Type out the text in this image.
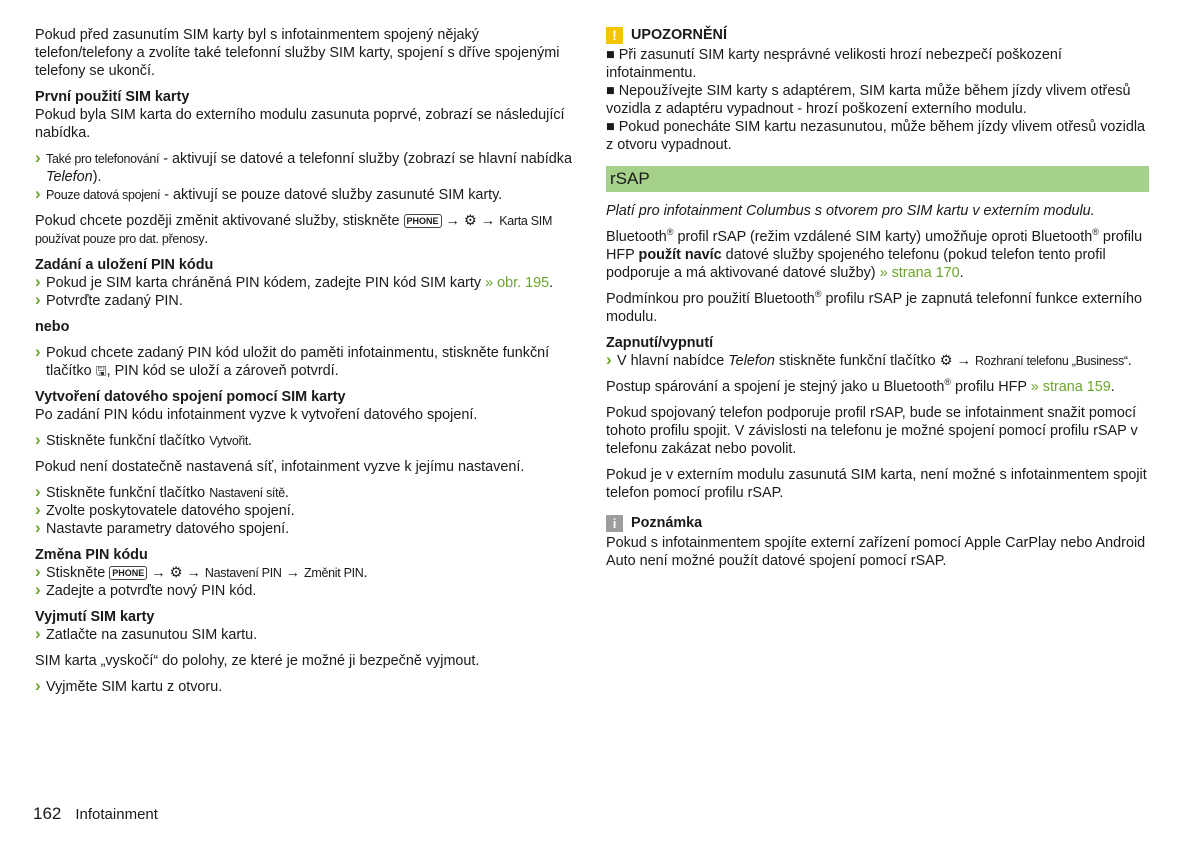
Pokud před zasunutím SIM karty byl s infotainmentem spojený nějaký telefon/telefony a zvolíte také telefonní služby SIM karty, spojení s dříve spojenými telefony se ukončí.

První použití SIM karty

Pokud byla SIM karta do externího modulu zasunuta poprvé, zobrazí se následující nabídka.

› Také pro telefonování - aktivují se datové a telefonní služby (zobrazí se hlavní nabídka Telefon).

› Pouze datová spojení - aktivují se pouze datové služby zasunuté SIM karty.

Pokud chcete později změnit aktivované služby, stiskněte PHONE → ⚙ → Karta SIM používat pouze pro dat. přenosy.

Zadání a uložení PIN kódu
› Pokud je SIM karta chráněná PIN kódem, zadejte PIN kód SIM karty » obr. 195.

› Potvrďte zadaný PIN.

nebo

› Pokud chcete zadaný PIN kód uložit do paměti infotainmentu, stiskněte funkční tlačítko 🖫, PIN kód se uloží a zároveň potvrdí.

Vytvoření datového spojení pomocí SIM karty

Po zadání PIN kódu infotainment vyzve k vytvoření datového spojení.

› Stiskněte funkční tlačítko Vytvořit.

Pokud není dostatečně nastavená síť, infotainment vyzve k jejímu nastavení.

› Stiskněte funkční tlačítko Nastavení sítě.
› Zvolte poskytovatele datového spojení.

› Nastavte parametry datového spojení.

Změna PIN kódu
› Stiskněte PHONE → ⚙ → Nastavení PIN → Změnit PIN.

› Zadejte a potvrďte nový PIN kód.

Vyjmutí SIM karty

› Zatlačte na zasunutou SIM kartu.

SIM karta „vyskočí“ do polohy, ze které je možné ji bezpečně vyjmout.

› Vyjměte SIM kartu z otvoru.

! UPOZORNĚNÍ
■ Při zasunutí SIM karty nesprávné velikosti hrozí nebezpečí poškození infotainmentu.
■ Nepoužívejte SIM karty s adaptérem, SIM karta může během jízdy vlivem otřesů vozidla z adaptéru vypadnout - hrozí poškození externího modulu.
■ Pokud ponecháte SIM kartu nezasunutou, může během jízdy vlivem otřesů vozidla z otvoru vypadnout.
rSAP

Platí pro infotainment Columbus s otvorem pro SIM kartu v externím modulu.

Bluetooth® profil rSAP (režim vzdálené SIM karty) umožňuje oproti Bluetooth® profilu HFP použít navíc datové služby spojeného telefonu (pokud telefon tento profil podporuje a má aktivované datové služby) » strana 170.

Podmínkou pro použití Bluetooth® profilu rSAP je zapnutá telefonní funkce externího modulu.

Zapnutí/vypnutí

› V hlavní nabídce Telefon stiskněte funkční tlačítko ⚙ → Rozhraní telefonu „Business“.

Postup spárování a spojení je stejný jako u Bluetooth® profilu HFP » strana 159.

Pokud spojovaný telefon podporuje profil rSAP, bude se infotainment snažit pomocí tohoto profilu spojit. V závislosti na telefonu je možné spojení pomocí profilu rSAP v telefonu zakázat nebo povolit.

Pokud je v externím modulu zasunutá SIM karta, není možné s infotainmentem spojit telefon pomocí profilu rSAP.

i	Poznámka

Pokud s infotainmentem spojíte externí zařízení pomocí Apple CarPlay nebo Android Auto není možné použít datové spojení pomocí rSAP.

162 Infotainment
